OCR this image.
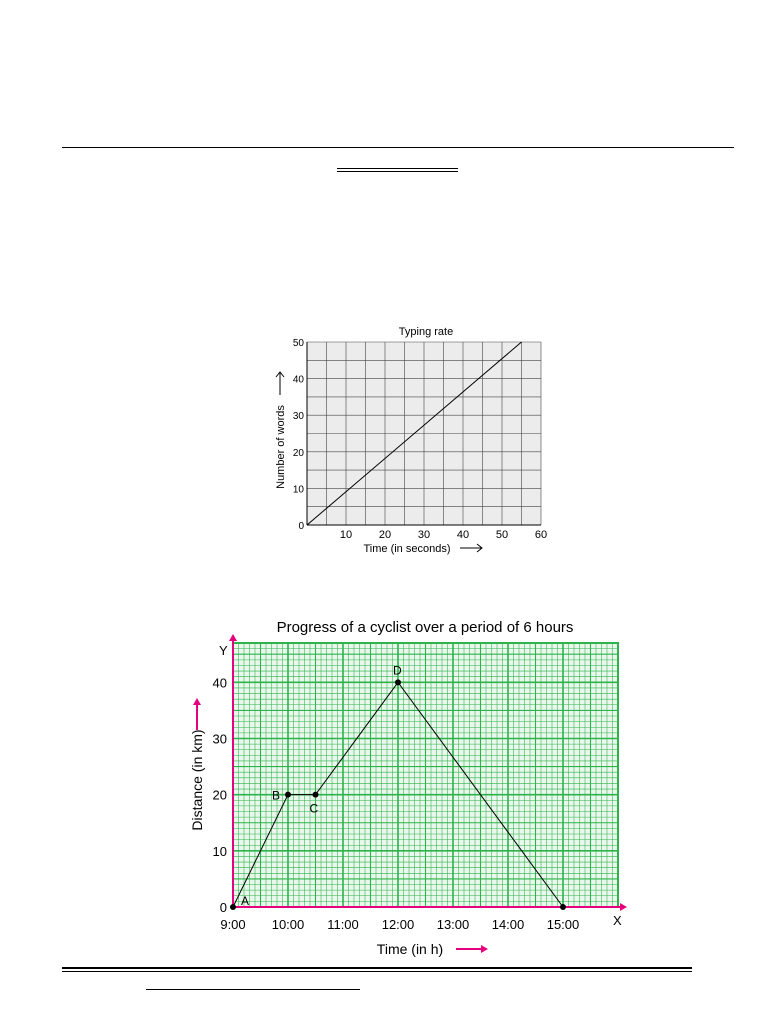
10 20 30 40 50 60
0
10
20
30
40
50
Typing rate
Time (in seconds)
Number of words
9:00 10:00 11:00 12:00 13:00 14:00 15:00
0
10
20
30
40
A
B
C
D
Progress of a cyclist over a period of 6 hours
Y
X
Time (in h)
Distance (in km)
